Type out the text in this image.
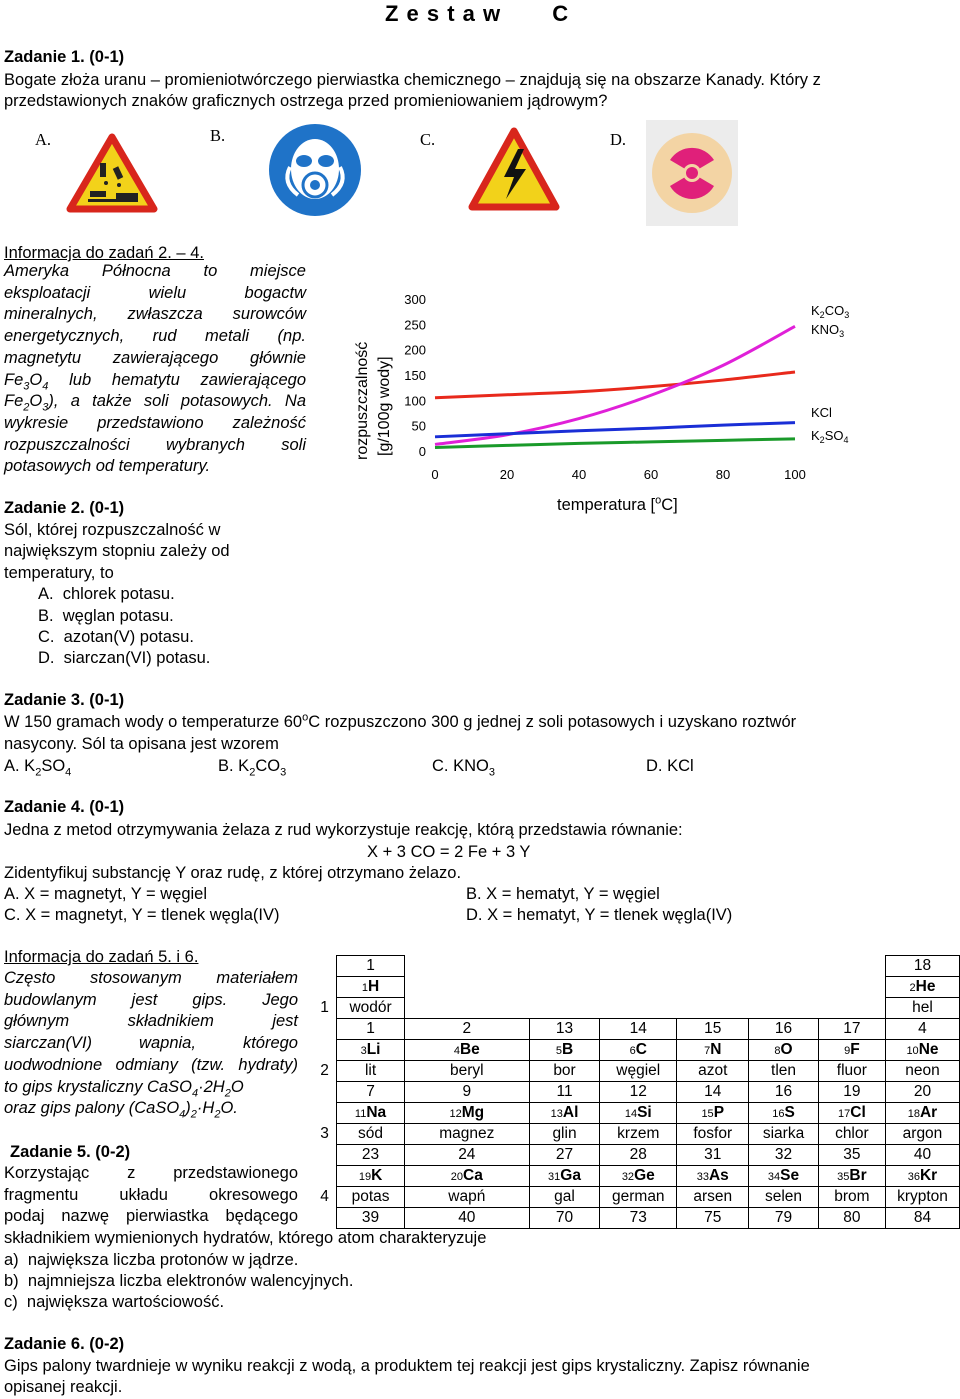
Z e s t a w C
Zadanie 1. (0-1)
Bogate złoża uranu – promieniotwórczego pierwiastka chemicznego – znajdują się na obszarze Kanady. Który z
przedstawionych znaków graficznych ostrzega przed promieniowaniem jądrowym?
A.	B.	C.	D.
Informacja do zadań 2. – 4.
Ameryka Północna to miejsce
eksploatacji wielu bogactw
mineralnych, zwłaszcza surowców
energetycznych, rud metali (np.
magnetytu zawierającego głównie
$Fe_3O_4$ lub hematytu zawierającego
$Fe_2O_3$), a także soli potasowych. Na
wykresie przedstawiono zależność
rozpuszczalności wybranych soli
potasowych od temperatury.
0
50
100
150
200
250
300
0	20	40	60	80	100
$K_2CO_3$
$KNO_3$
KCl
$K_2SO_4$
rozpuszczalność [g/100g wody]
temperatura [$^o$C]
Zadanie 2. (0-1)
Sól, której rozpuszczalność w
największym stopniu zależy od
temperatury, to
A.  chlorek potasu.
B.  węglan potasu.
C.  azotan(V) potasu.
D.  siarczan(VI) potasu.
Zadanie 3. (0-1)
W 150 gramach wody o temperaturze 60$^o$C rozpuszczono 300 g jednej z soli potasowych i uzyskano roztwór
nasycony. Sól ta opisana jest wzorem
A. $K_2SO_4$	B. $K_2CO_3$	C. $KNO_3$	D. KCl
Zadanie 4. (0-1)
Jedna z metod otrzymywania żelaza z rud wykorzystuje reakcję, którą przedstawia równanie:
X + 3 CO = 2 Fe + 3 Y
Zidentyfikuj substancję Y oraz rudę, z której otrzymano żelazo.
A. X = magnetyt, Y = węgiel	B. X = hematyt, Y = węgiel
C. X = magnetyt, Y = tlenek węgla(IV)	D. X = hematyt, Y = tlenek węgla(IV)
Informacja do zadań 5. i 6.
Często stosowanym materiałem
budowlanym jest gips. Jego
głównym składnikiem jest
siarczan(VI) wapnia, którego
uodwodnione odmiany (tzw. hydraty)
to gips krystaliczny $CaSO_4\cdot 2H_2O$
oraz gips palony $(CaSO_4)_2\cdot H_2O$.
	1							18
	1H							2He
1	wodór							hel
	1	2	13	14	15	16	17	4
	3Li	4Be	5B	6C	7N	8O	9F	10Ne
2	lit	beryl	bor	węgiel	azot	tlen	fluor	neon
	7	9	11	12	14	16	19	20
	11Na	12Mg	13Al	14Si	15P	16S	17Cl	18Ar
3	sód	magnez	glin	krzem	fosfor	siarka	chlor	argon
	23	24	27	28	31	32	35	40
	19K	20Ca	31Ga	32Ge	33As	34Se	35Br	36Kr
4	potas	wapń	gal	german	arsen	selen	brom	krypton
	39	40	70	73	75	79	80	84
Zadanie 5. (0-2)
Korzystając z przedstawionego
fragmentu układu okresowego
podaj nazwę pierwiastka będącego
składnikiem wymienionych hydratów, którego atom charakteryzuje
a)  największa liczba protonów w jądrze.
b)  najmniejsza liczba elektronów walencyjnych.
c)  największa wartościowość.
Zadanie 6. (0-2)
Gips palony twardnieje w wyniku reakcji z wodą, a produktem tej reakcji jest gips krystaliczny. Zapisz równanie
opisanej reakcji.
